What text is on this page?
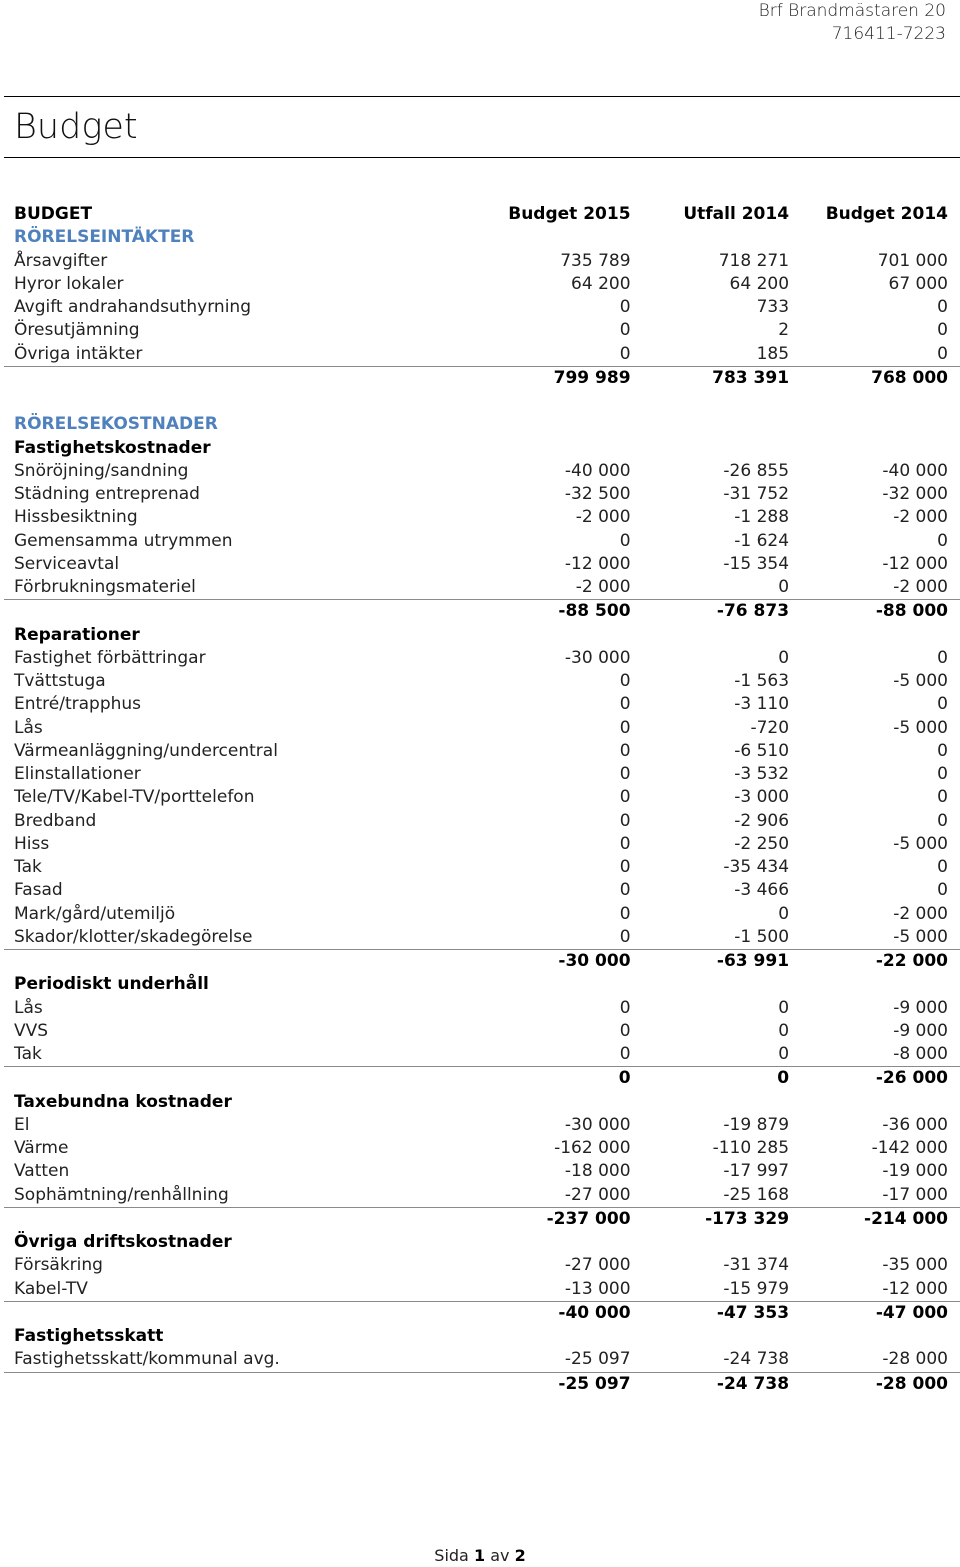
Brf Brandmästaren 20
716411-7223
Budget
BUDGET	Budget 2015	Utfall 2014	Budget 2014
RÖRELSEINTÄKTER			
Årsavgifter	735 789	718 271	701 000
Hyror lokaler	64 200	64 200	67 000
Avgift andrahandsuthyrning	0	733	0
Öresutjämning	0	2	0
Övriga intäkter	0	185	0
	799 989	783 391	768 000

RÖRELSEKOSTNADER			
Fastighetskostnader			
Snöröjning/sandning	-40 000	-26 855	-40 000
Städning entreprenad	-32 500	-31 752	-32 000
Hissbesiktning	-2 000	-1 288	-2 000
Gemensamma utrymmen	0	-1 624	0
Serviceavtal	-12 000	-15 354	-12 000
Förbrukningsmateriel	-2 000	0	-2 000
	-88 500	-76 873	-88 000
Reparationer			
Fastighet förbättringar	-30 000	0	0
Tvättstuga	0	-1 563	-5 000
Entré/trapphus	0	-3 110	0
Lås	0	-720	-5 000
Värmeanläggning/undercentral	0	-6 510	0
Elinstallationer	0	-3 532	0
Tele/TV/Kabel-TV/porttelefon	0	-3 000	0
Bredband	0	-2 906	0
Hiss	0	-2 250	-5 000
Tak	0	-35 434	0
Fasad	0	-3 466	0
Mark/gård/utemiljö	0	0	-2 000
Skador/klotter/skadegörelse	0	-1 500	-5 000
	-30 000	-63 991	-22 000
Periodiskt underhåll			
Lås	0	0	-9 000
VVS	0	0	-9 000
Tak	0	0	-8 000
	0	0	-26 000
Taxebundna kostnader			
El	-30 000	-19 879	-36 000
Värme	-162 000	-110 285	-142 000
Vatten	-18 000	-17 997	-19 000
Sophämtning/renhållning	-27 000	-25 168	-17 000
	-237 000	-173 329	-214 000
Övriga driftskostnader			
Försäkring	-27 000	-31 374	-35 000
Kabel-TV	-13 000	-15 979	-12 000
	-40 000	-47 353	-47 000
Fastighetsskatt			
Fastighetsskatt/kommunal avg.	-25 097	-24 738	-28 000
	-25 097	-24 738	-28 000
Sida 1 av 2
